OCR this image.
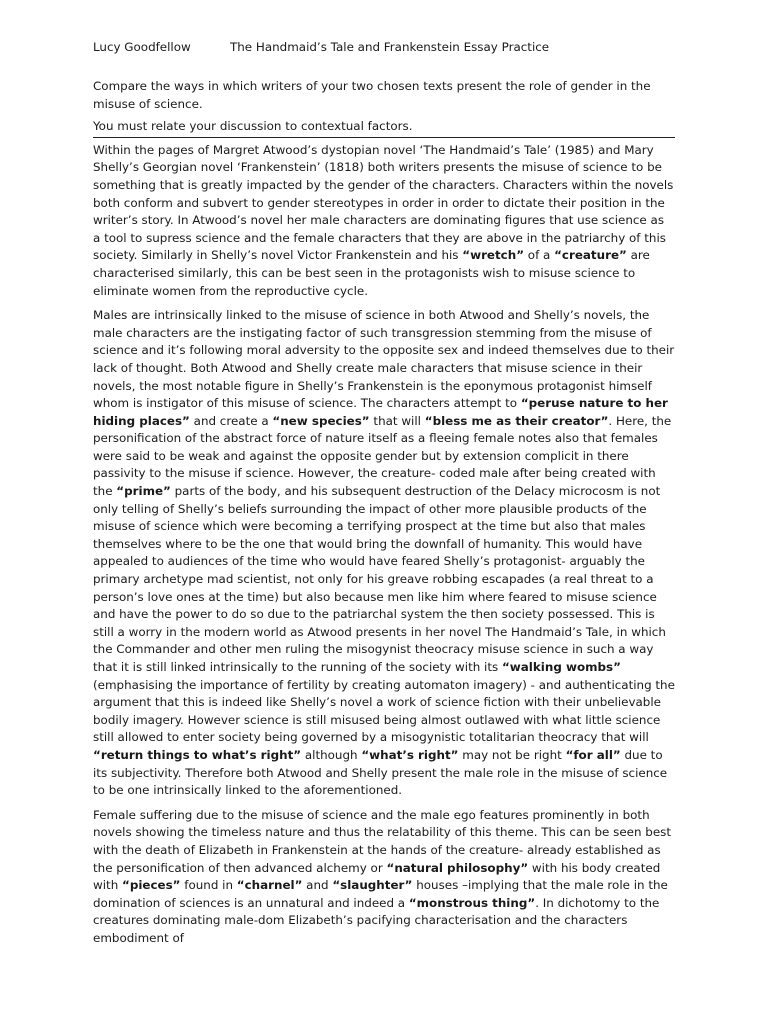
Lucy Goodfellow	The Handmaid’s Tale and Frankenstein Essay Practice

Compare the ways in which writers of your two chosen texts present the role of gender in the misuse of science.

You must relate your discussion to contextual factors.

Within the pages of Margret Atwood’s dystopian novel ‘The Handmaid’s Tale’ (1985) and Mary Shelly’s Georgian novel ‘Frankenstein’ (1818) both writers presents the misuse of science to be something that is greatly impacted by the gender of the characters. Characters within the novels both conform and subvert to gender stereotypes in order in order to dictate their position in the writer’s story. In Atwood’s novel her male characters are dominating figures that use science as a tool to supress science and the female characters that they are above in the patriarchy of this society. Similarly in Shelly’s novel Victor Frankenstein and his “wretch” of a “creature” are characterised similarly, this can be best seen in the protagonists wish to misuse science to eliminate women from the reproductive cycle.

Males are intrinsically linked to the misuse of science in both Atwood and Shelly’s novels, the male characters are the instigating factor of such transgression stemming from the misuse of science and it’s following moral adversity to the opposite sex and indeed themselves due to their lack of thought. Both Atwood and Shelly create male characters that misuse science in their novels, the most notable figure in Shelly’s Frankenstein is the eponymous protagonist himself whom is instigator of this misuse of science. The characters attempt to “peruse nature to her hiding places” and create a “new species” that will “bless me as their creator”. Here, the personification of the abstract force of nature itself as a fleeing female notes also that females were said to be weak and against the opposite gender but by extension complicit in there passivity to the misuse if science. However, the creature- coded male after being created with the “prime” parts of the body, and his subsequent destruction of the Delacy microcosm is not only telling of Shelly’s beliefs surrounding the impact of other more plausible products of the misuse of science which were becoming a terrifying prospect at the time but also that males themselves where to be the one that would bring the downfall of humanity. This would have appealed to audiences of the time who would have feared Shelly’s protagonist- arguably the primary archetype mad scientist, not only for his greave robbing escapades (a real threat to a person’s love ones at the time) but also because men like him where feared to misuse science and have the power to do so due to the patriarchal system the then society possessed. This is still a worry in the modern world as Atwood presents in her novel The Handmaid’s Tale, in which the Commander and other men ruling the misogynist theocracy misuse science in such a way that it is still linked intrinsically to the running of the society with its “walking wombs” (emphasising the importance of fertility by creating automaton imagery) - and authenticating the argument that this is indeed like Shelly’s novel a work of science fiction with their unbelievable bodily imagery. However science is still misused being almost outlawed with what little science still allowed to enter society being governed by a misogynistic totalitarian theocracy that will “return things to what’s right” although “what’s right” may not be right “for all” due to its subjectivity. Therefore both Atwood and Shelly present the male role in the misuse of science to be one intrinsically linked to the aforementioned.

Female suffering due to the misuse of science and the male ego features prominently in both novels showing the timeless nature and thus the relatability of this theme. This can be seen best with the death of Elizabeth in Frankenstein at the hands of the creature- already established as the personification of then advanced alchemy or “natural philosophy” with his body created with “pieces” found in “charnel” and “slaughter” houses –implying that the male role in the domination of sciences is an unnatural and indeed a “monstrous thing”. In dichotomy to the creatures dominating male-dom Elizabeth’s pacifying characterisation and the characters embodiment of
